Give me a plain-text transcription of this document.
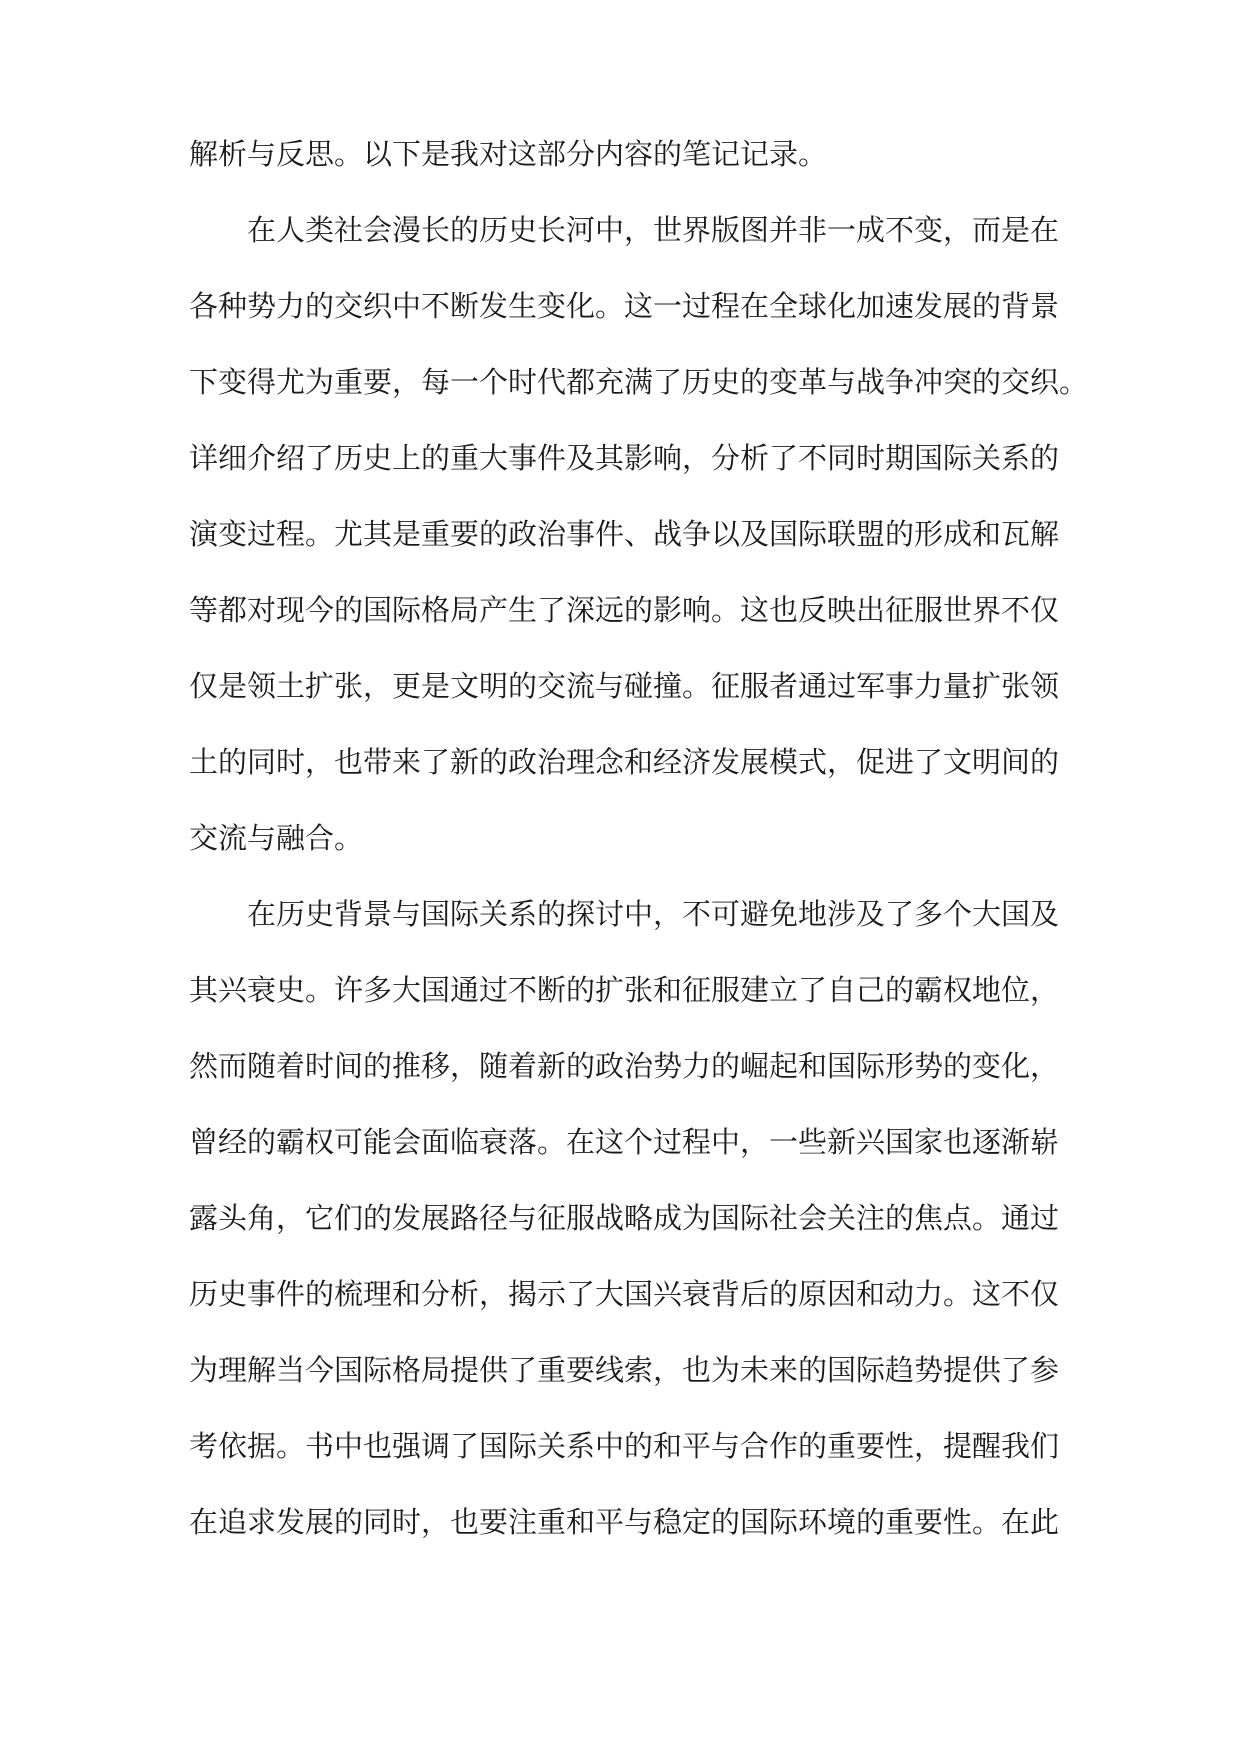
解析与反思。以下是我对这部分内容的笔记记录。
在人类社会漫长的历史长河中，世界版图并非一成不变，而是在
各种势力的交织中不断发生变化。这一过程在全球化加速发展的背景
下变得尤为重要，每一个时代都充满了历史的变革与战争冲突的交织。
详细介绍了历史上的重大事件及其影响，分析了不同时期国际关系的
演变过程。尤其是重要的政治事件、战争以及国际联盟的形成和瓦解
等都对现今的国际格局产生了深远的影响。这也反映出征服世界不仅
仅是领土扩张，更是文明的交流与碰撞。征服者通过军事力量扩张领
土的同时，也带来了新的政治理念和经济发展模式，促进了文明间的
交流与融合。
在历史背景与国际关系的探讨中，不可避免地涉及了多个大国及
其兴衰史。许多大国通过不断的扩张和征服建立了自己的霸权地位，
然而随着时间的推移，随着新的政治势力的崛起和国际形势的变化，
曾经的霸权可能会面临衰落。在这个过程中，一些新兴国家也逐渐崭
露头角，它们的发展路径与征服战略成为国际社会关注的焦点。通过
历史事件的梳理和分析，揭示了大国兴衰背后的原因和动力。这不仅
为理解当今国际格局提供了重要线索，也为未来的国际趋势提供了参
考依据。书中也强调了国际关系中的和平与合作的重要性，提醒我们
在追求发展的同时，也要注重和平与稳定的国际环境的重要性。在此
